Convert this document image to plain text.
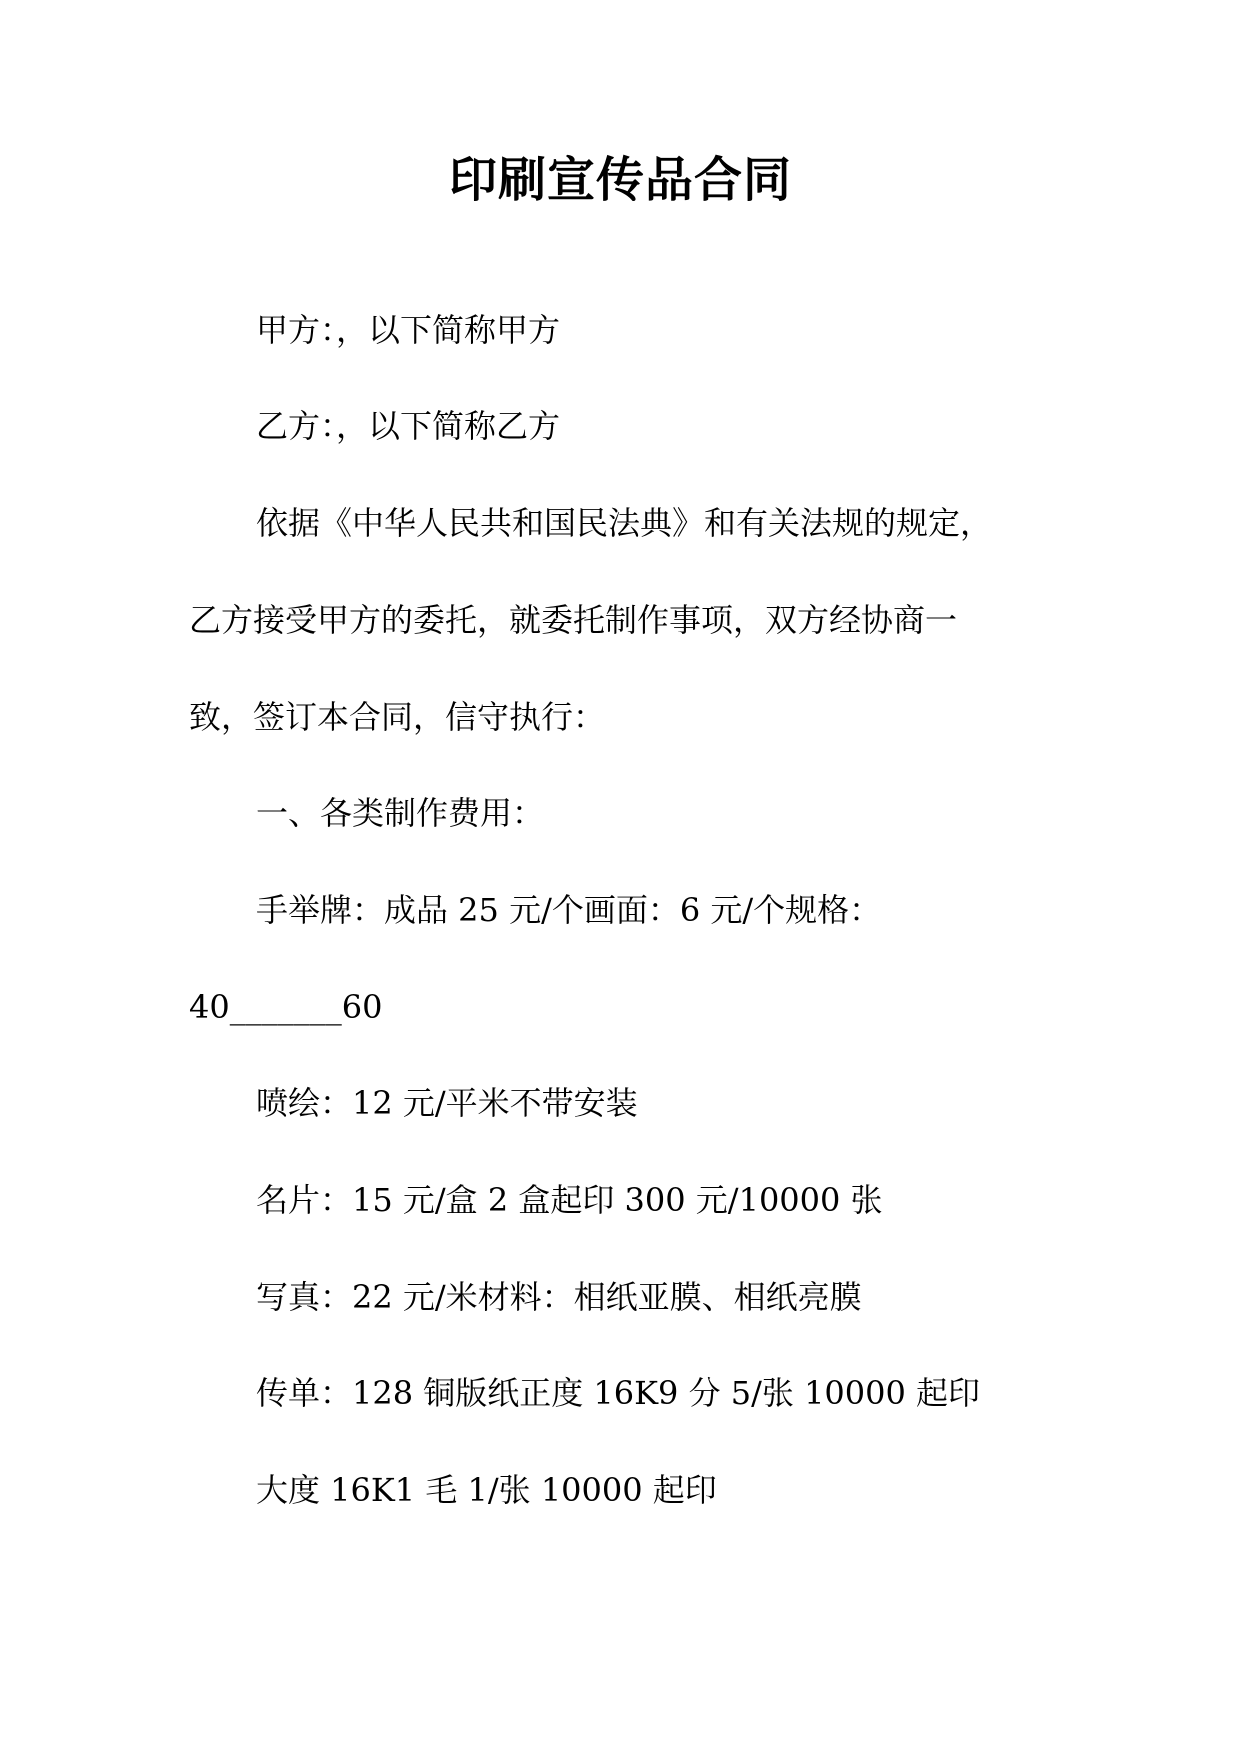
印刷宣传品合同
甲方：，以下简称甲方
乙方：，以下简称乙方
依据《中华人民共和国民法典》和有关法规的规定，
乙方接受甲方的委托，就委托制作事项，双方经协商一
致，签订本合同，信守执行：
一、各类制作费用：
手举牌：成品 25 元/个画面：6 元/个规格：
40_______60
喷绘：12 元/平米不带安装
名片：15 元/盒 2 盒起印 300 元/10000 张
写真：22 元/米材料：相纸亚膜、相纸亮膜
传单：128 铜版纸正度 16K9 分 5/张 10000 起印
大度 16K1 毛 1/张 10000 起印
